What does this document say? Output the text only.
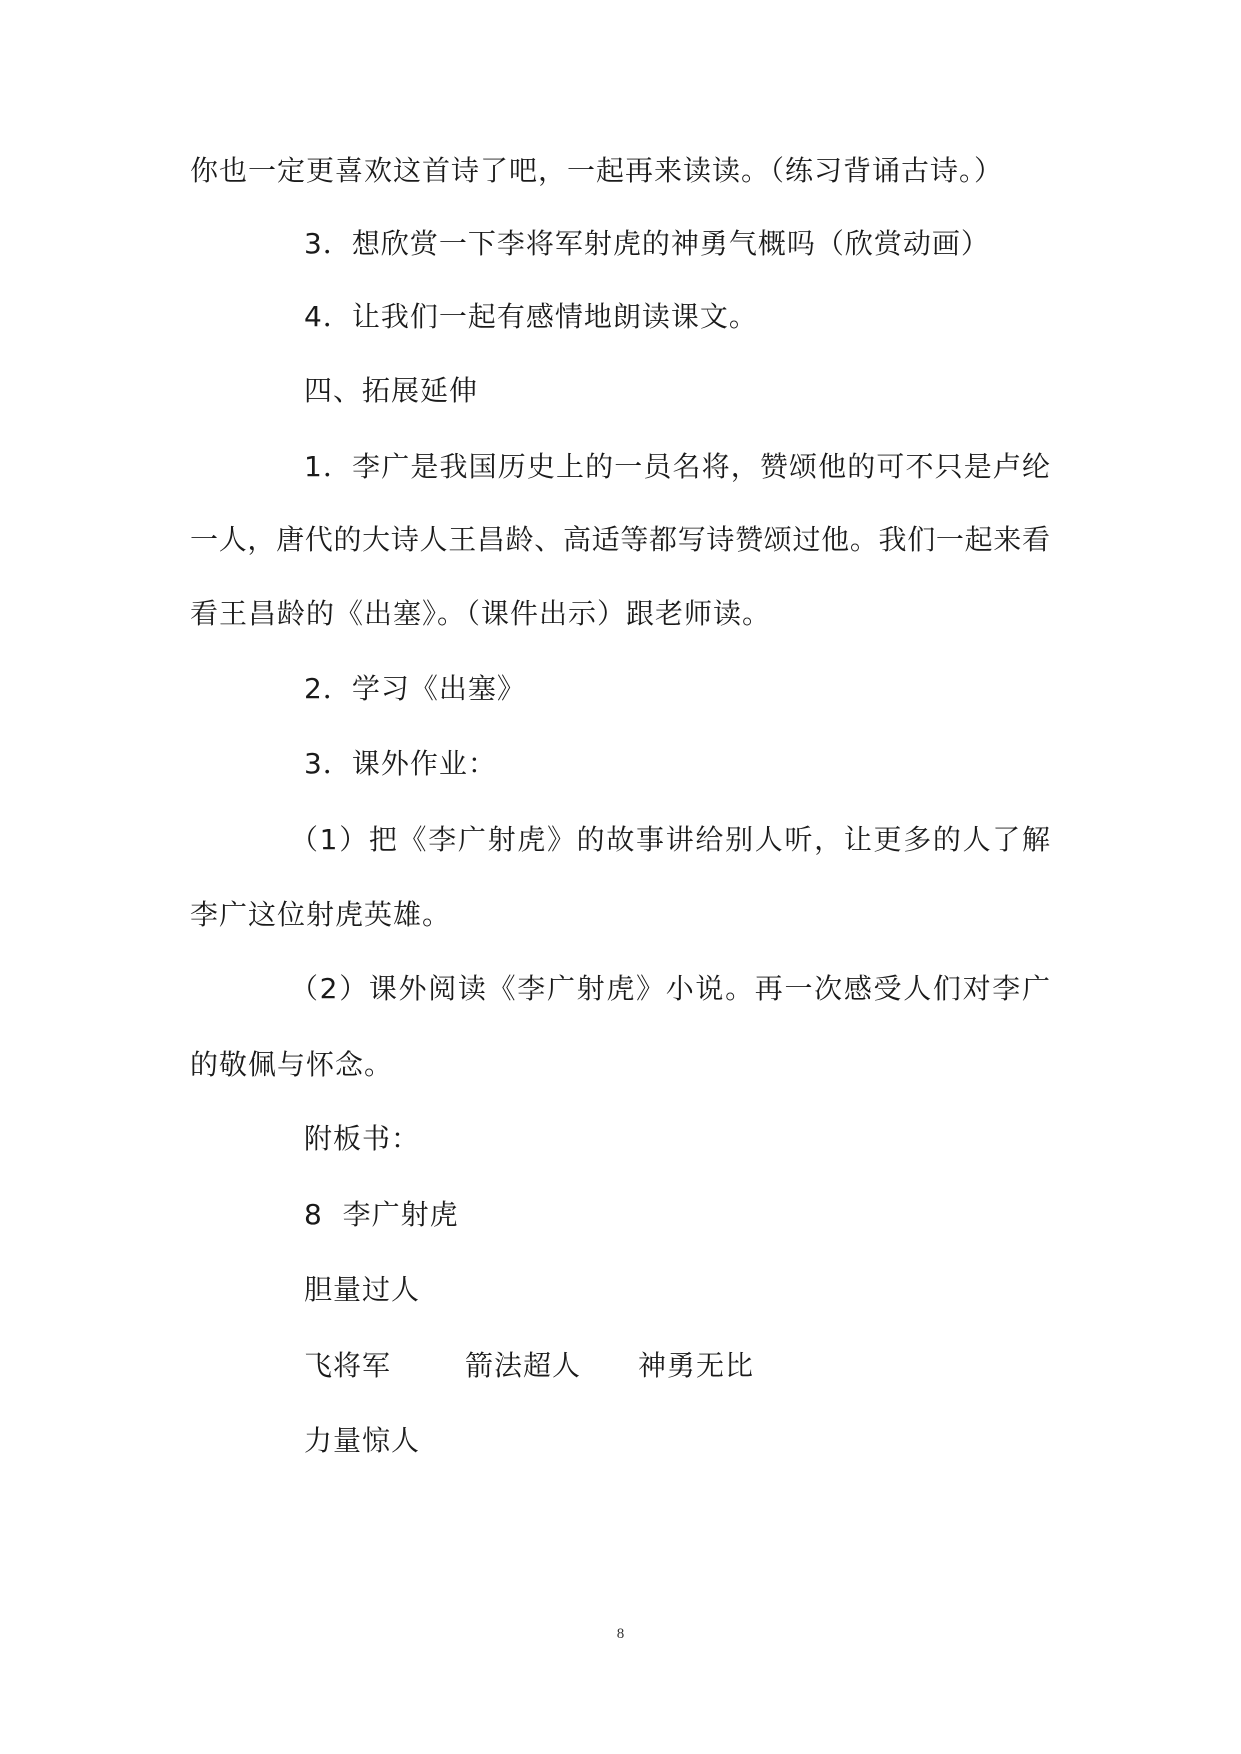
你也一定更喜欢这首诗了吧，一起再来读读。（练习背诵古诗。）
3．想欣赏一下李将军射虎的神勇气概吗（欣赏动画）
4．让我们一起有感情地朗读课文。
四、拓展延伸
1．李广是我国历史上的一员名将，赞颂他的可不只是卢纶
一人，唐代的大诗人王昌龄、高适等都写诗赞颂过他。我们一起来看
看王昌龄的《出塞》。（课件出示）跟老师读。
2．学习《出塞》
3．课外作业：
（1）把《李广射虎》的故事讲给别人听，让更多的人了解
李广这位射虎英雄。
（2）课外阅读《李广射虎》小说。再一次感受人们对李广
的敬佩与怀念。
附板书：
8  李广射虎
胆量过人
飞将军	箭法超人 神勇无比
力量惊人
8
